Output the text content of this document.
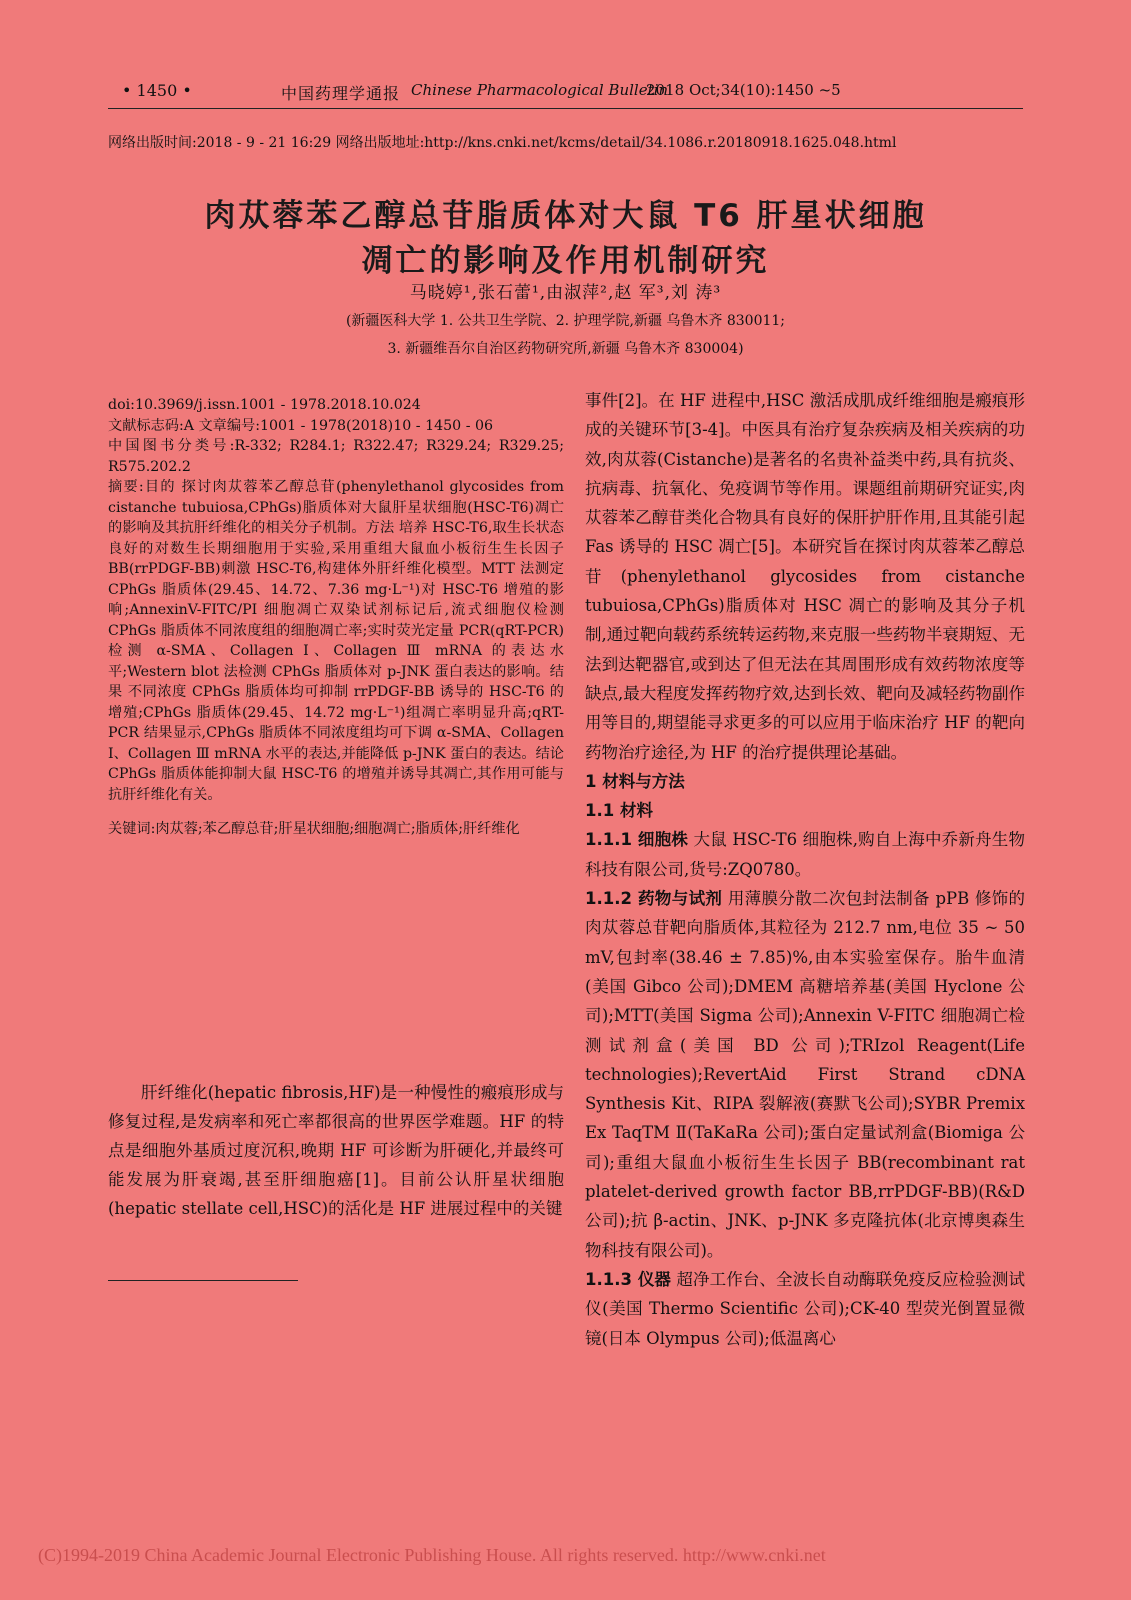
• 1450 •	中国药理学通报 Chinese Pharmacological Bulletin
2018 Oct;34(10):1450 ~5
网络出版时间:2018 - 9 - 21 16:29 网络出版地址:http://kns.cnki.net/kcms/detail/34.1086.r.20180918.1625.048.html
肉苁蓉苯乙醇总苷脂质体对大鼠 T6 肝星状细胞
凋亡的影响及作用机制研究
马晓婷¹,张石蕾¹,由淑萍²,赵 军³,刘 涛³
(新疆医科大学 1. 公共卫生学院、2. 护理学院,新疆 乌鲁木齐 830011;
3. 新疆维吾尔自治区药物研究所,新疆 乌鲁木齐 830004)

doi:10.3969/j.issn.1001 - 1978.2018.10.024

文献标志码:A 文章编号:1001 - 1978(2018)10 - 1450 - 06

中国图书分类号:R-332; R284.1; R322.47; R329.24; R329.25; R575.202.2

摘要:目的 探讨肉苁蓉苯乙醇总苷(phenylethanol glycosides from cistanche tubuiosa,CPhGs)脂质体对大鼠肝星状细胞(HSC-T6)凋亡的影响及其抗肝纤维化的相关分子机制。方法 培养 HSC-T6,取生长状态良好的对数生长期细胞用于实验,采用重组大鼠血小板衍生生长因子 BB(rrPDGF-BB)刺激 HSC-T6,构建体外肝纤维化模型。MTT 法测定 CPhGs 脂质体(29.45、14.72、7.36 mg·L⁻¹)对 HSC-T6 增殖的影响;AnnexinV-FITC/PI 细胞凋亡双染试剂标记后,流式细胞仪检测 CPhGs 脂质体不同浓度组的细胞凋亡率;实时荧光定量 PCR(qRT-PCR)检测 α-SMA、Collagen Ⅰ、Collagen Ⅲ mRNA 的表达水平;Western blot 法检测 CPhGs 脂质体对 p-JNK 蛋白表达的影响。结果 不同浓度 CPhGs 脂质体均可抑制 rrPDGF-BB 诱导的 HSC-T6 的增殖;CPhGs 脂质体(29.45、14.72 mg·L⁻¹)组凋亡率明显升高;qRT-PCR 结果显示,CPhGs 脂质体不同浓度组均可下调 α-SMA、Collagen Ⅰ、Collagen Ⅲ mRNA 水平的表达,并能降低 p-JNK 蛋白的表达。结论 CPhGs 脂质体能抑制大鼠 HSC-T6 的增殖并诱导其凋亡,其作用可能与抗肝纤维化有关。

关键词:肉苁蓉;苯乙醇总苷;肝星状细胞;细胞凋亡;脂质体;肝纤维化

肝纤维化(hepatic fibrosis,HF)是一种慢性的瘢痕形成与修复过程,是发病率和死亡率都很高的世界医学难题。HF 的特点是细胞外基质过度沉积,晚期 HF 可诊断为肝硬化,并最终可能发展为肝衰竭,甚至肝细胞癌[1]。目前公认肝星状细胞(hepatic stellate cell,HSC)的活化是 HF 进展过程中的关键

事件[2]。在 HF 进程中,HSC 激活成肌成纤维细胞是瘢痕形成的关键环节[3-4]。中医具有治疗复杂疾病及相关疾病的功效,肉苁蓉(Cistanche)是著名的名贵补益类中药,具有抗炎、抗病毒、抗氧化、免疫调节等作用。课题组前期研究证实,肉苁蓉苯乙醇苷类化合物具有良好的保肝护肝作用,且其能引起 Fas 诱导的 HSC 凋亡[5]。本研究旨在探讨肉苁蓉苯乙醇总苷(phenylethanol glycosides from cistanche tubuiosa,CPhGs)脂质体对 HSC 凋亡的影响及其分子机制,通过靶向载药系统转运药物,来克服一些药物半衰期短、无法到达靶器官,或到达了但无法在其周围形成有效药物浓度等缺点,最大程度发挥药物疗效,达到长效、靶向及减轻药物副作用等目的,期望能寻求更多的可以应用于临床治疗 HF 的靶向药物治疗途径,为 HF 的治疗提供理论基础。

1 材料与方法

1.1 材料

1.1.1 细胞株 大鼠 HSC-T6 细胞株,购自上海中乔新舟生物科技有限公司,货号:ZQ0780。

1.1.2 药物与试剂 用薄膜分散二次包封法制备 pPB 修饰的肉苁蓉总苷靶向脂质体,其粒径为 212.7 nm,电位 35 ~ 50 mV,包封率(38.46 ± 7.85)%,由本实验室保存。胎牛血清(美国 Gibco 公司);DMEM 高糖培养基(美国 Hyclone 公司);MTT(美国 Sigma 公司);Annexin V-FITC 细胞凋亡检测试剂盒(美国 BD 公司);TRIzol Reagent(Life technologies);RevertAid First Strand cDNA Synthesis Kit、RIPA 裂解液(赛默飞公司);SYBR Premix Ex TaqTM Ⅱ(TaKaRa 公司);蛋白定量试剂盒(Biomiga 公司);重组大鼠血小板衍生生长因子 BB(recombinant rat platelet-derived growth factor BB,rrPDGF-BB)(R&D 公司);抗 β-actin、JNK、p-JNK 多克隆抗体(北京博奥森生物科技有限公司)。

1.1.3 仪器 超净工作台、全波长自动酶联免疫反应检验测试仪(美国 Thermo Scientific 公司);CK-40 型荧光倒置显微镜(日本 Olympus 公司);低温离心

(C)1994-2019 China Academic Journal Electronic Publishing House. All rights reserved. http://www.cnki.net
